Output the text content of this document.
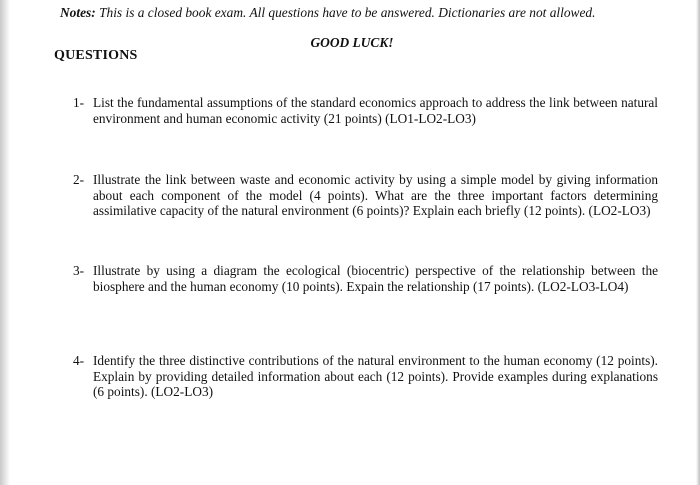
Notes: This is a closed book exam. All questions have to be answered. Dictionaries are not allowed.
GOOD LUCK!
QUESTIONS
1- List the fundamental assumptions of the standard economics approach to address the link between natural environment and human economic activity (21 points) (LO1-LO2-LO3)
2- Illustrate the link between waste and economic activity by using a simple model by giving information about each component of the model (4 points). What are the three important factors determining assimilative capacity of the natural environment (6 points)? Explain each briefly (12 points). (LO2-LO3)
3- Illustrate by using a diagram the ecological (biocentric) perspective of the relationship between the biosphere and the human economy (10 points). Expain the relationship (17 points). (LO2-LO3-LO4)
4- Identify the three distinctive contributions of the natural environment to the human economy (12 points). Explain by providing detailed information about each (12 points). Provide examples during explanations (6 points). (LO2-LO3)
